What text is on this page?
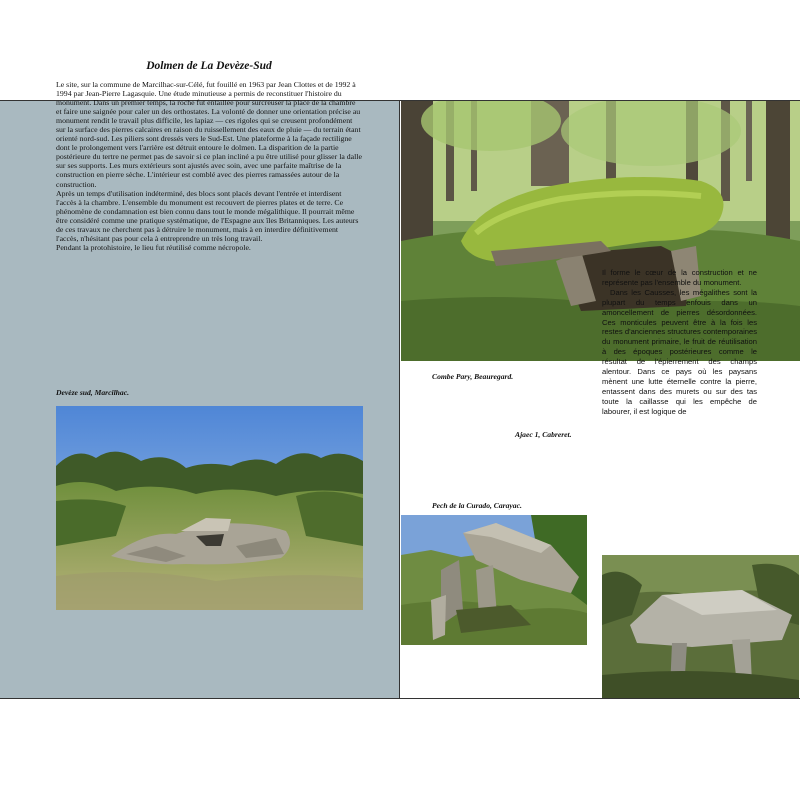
Dolmen de La Devèze-Sud

Le site, sur la commune de Marcilhac-sur-Célé, fut fouillé en 1963 par Jean Clottes et de 1992 à 1994 par Jean-Pierre Lagasquie. Une étude minutieuse a permis de reconstituer l'histoire du monument. Dans un premier temps, la roche fut entaillée pour surcreuser la place de la chambre et faire une saignée pour caler un des orthostates. La volonté de donner une orientation précise au monument rendit le travail plus difficile, les lapiaz — ces rigoles qui se creusent profondément sur la surface des pierres calcaires en raison du ruissellement des eaux de pluie — du terrain étant orienté nord-sud. Les piliers sont dressés vers le Sud-Est. Une plateforme à la façade rectiligne dont le prolongement vers l'arrière est détruit entoure le dolmen. La disparition de la partie postérieure du tertre ne permet pas de savoir si ce plan incliné a pu être utilisé pour glisser la dalle sur ses supports. Les murs extérieurs sont ajustés avec soin, avec une parfaite maîtrise de la construction en pierre sèche. L'intérieur est comblé avec des pierres ramassées autour de la construction.

Après un temps d'utilisation indéterminé, des blocs sont placés devant l'entrée et interdisent l'accès à la chambre. L'ensemble du monument est recouvert de pierres plates et de terre. Ce phénomène de condamnation est bien connu dans tout le monde mégalithique. Il pourrait même être considéré comme une pratique systématique, de l'Espagne aux îles Britanniques. Les auteurs de ces travaux ne cherchent pas à détruire le monument, mais à en interdire définitivement l'accès, n'hésitant pas pour cela à entreprendre un très long travail.

Pendant la protohistoire, le lieu fut réutilisé comme nécropole.

Devèze sud, Marcilhac.
Combe Pary, Beauregard.
Ajaec 1, Cabreret.
Pech de la Curado, Carayac.

Il forme le cœur de la construction et ne représente pas l'ensemble du monument.

Dans les Causses, les mégalithes sont la plupart du temps enfouis dans un amoncellement de pierres désordonnées. Ces monticules peuvent être à la fois les restes d'anciennes structures contemporaines du monument primaire, le fruit de réutilisation à des époques postérieures comme le résultat de l'épierrement des champs alentour. Dans ce pays où les paysans mènent une lutte éternelle contre la pierre, entassent dans des murets ou sur des tas toute la caillasse qui les empêche de labourer, il est logique de
